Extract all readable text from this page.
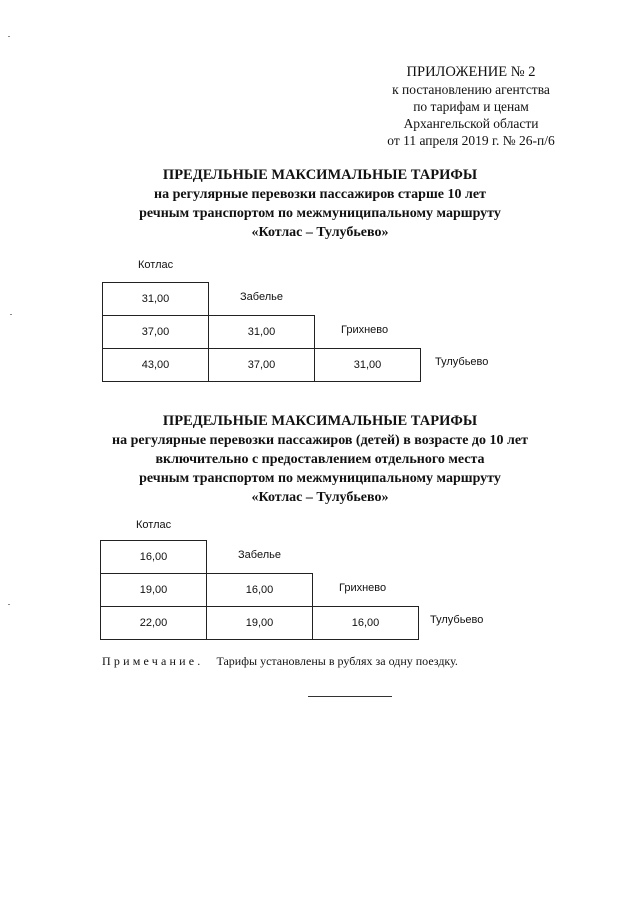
ПРИЛОЖЕНИЕ № 2
к постановлению агентства
по тарифам и ценам
Архангельской области
от 11 апреля 2019 г. № 26-п/6
ПРЕДЕЛЬНЫЕ МАКСИМАЛЬНЫЕ ТАРИФЫ
на регулярные перевозки пассажиров старше 10 лет
речным транспортом по межмуниципальному маршруту
«Котлас – Тулубьево»
Котлас
31,00		
37,00	31,00	
43,00	37,00	31,00
Забелье
Грихнево
Тулубьево
ПРЕДЕЛЬНЫЕ МАКСИМАЛЬНЫЕ ТАРИФЫ
на регулярные перевозки пассажиров (детей) в возрасте до 10 лет
включительно с предоставлением отдельного места
речным транспортом по межмуниципальному маршруту
«Котлас – Тулубьево»
Котлас
16,00		
19,00	16,00	
22,00	19,00	16,00
Забелье
Грихнево
Тулубьево
Примечание. Тарифы установлены в рублях за одну поездку.
